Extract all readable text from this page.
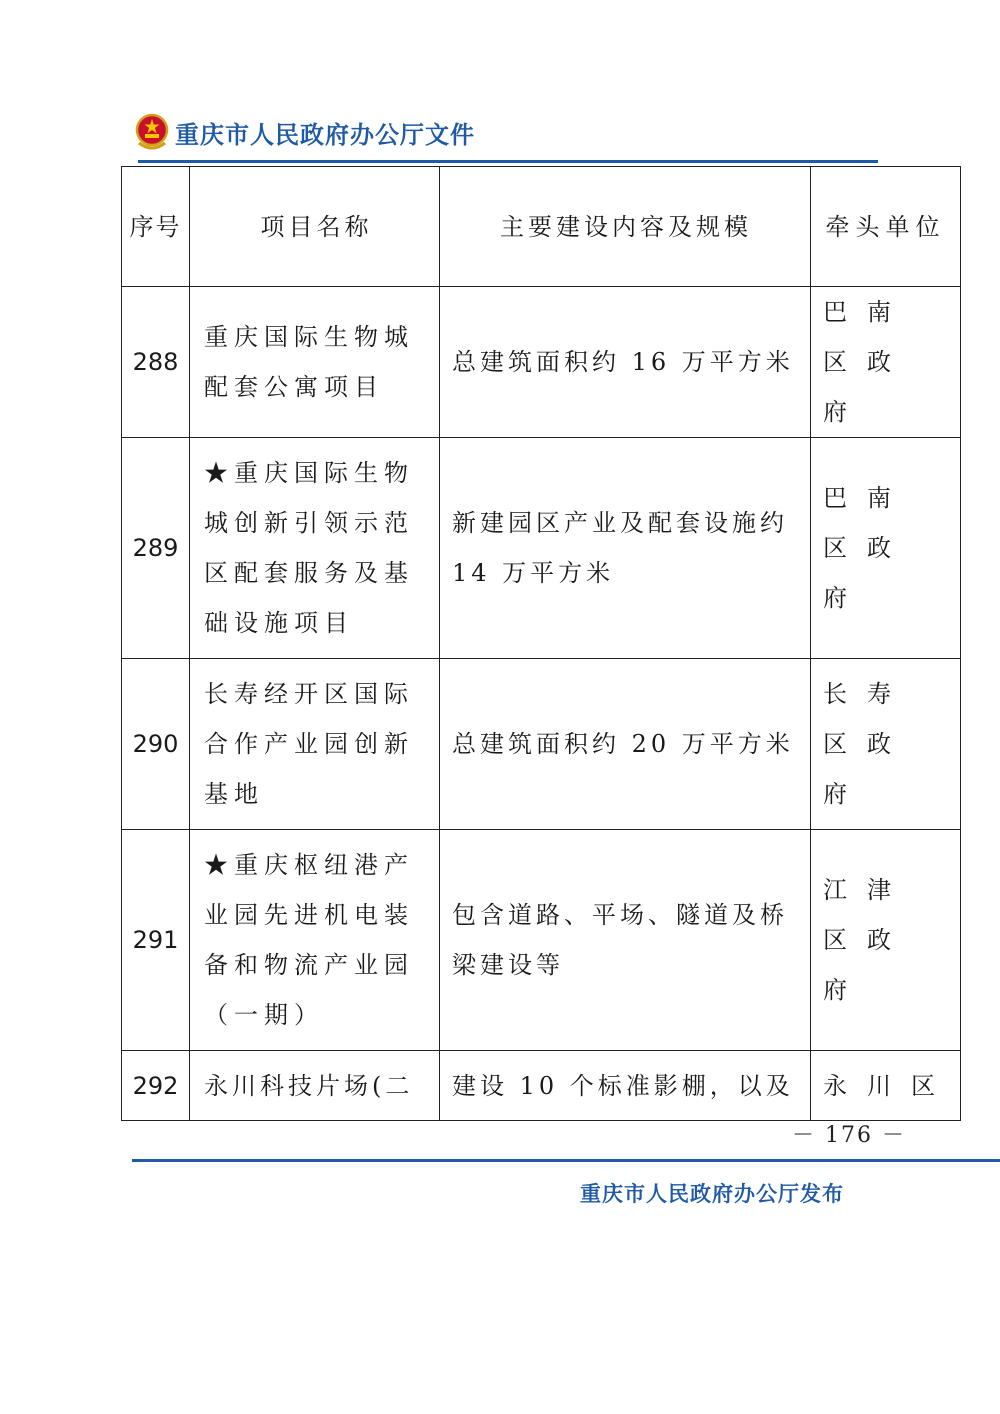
重庆市人民政府办公厅文件
序号	项目名称	主要建设内容及规模	牵头单位
288	重庆国际生物城配套公寓项目	总建筑面积约 16 万平方米	巴南区政府
289	★重庆国际生物城创新引领示范区配套服务及基础设施项目	新建园区产业及配套设施约 14 万平方米	巴南区政府
290	长寿经开区国际合作产业园创新基地	总建筑面积约 20 万平方米	长寿区政府
291	★重庆枢纽港产业园先进机电装备和物流产业园（一期）	包含道路、平场、隧道及桥梁建设等	江津区政府
292	永川科技片场(二	建设 10 个标准影棚，以及	永川区
－ 176 －
重庆市人民政府办公厅发布
